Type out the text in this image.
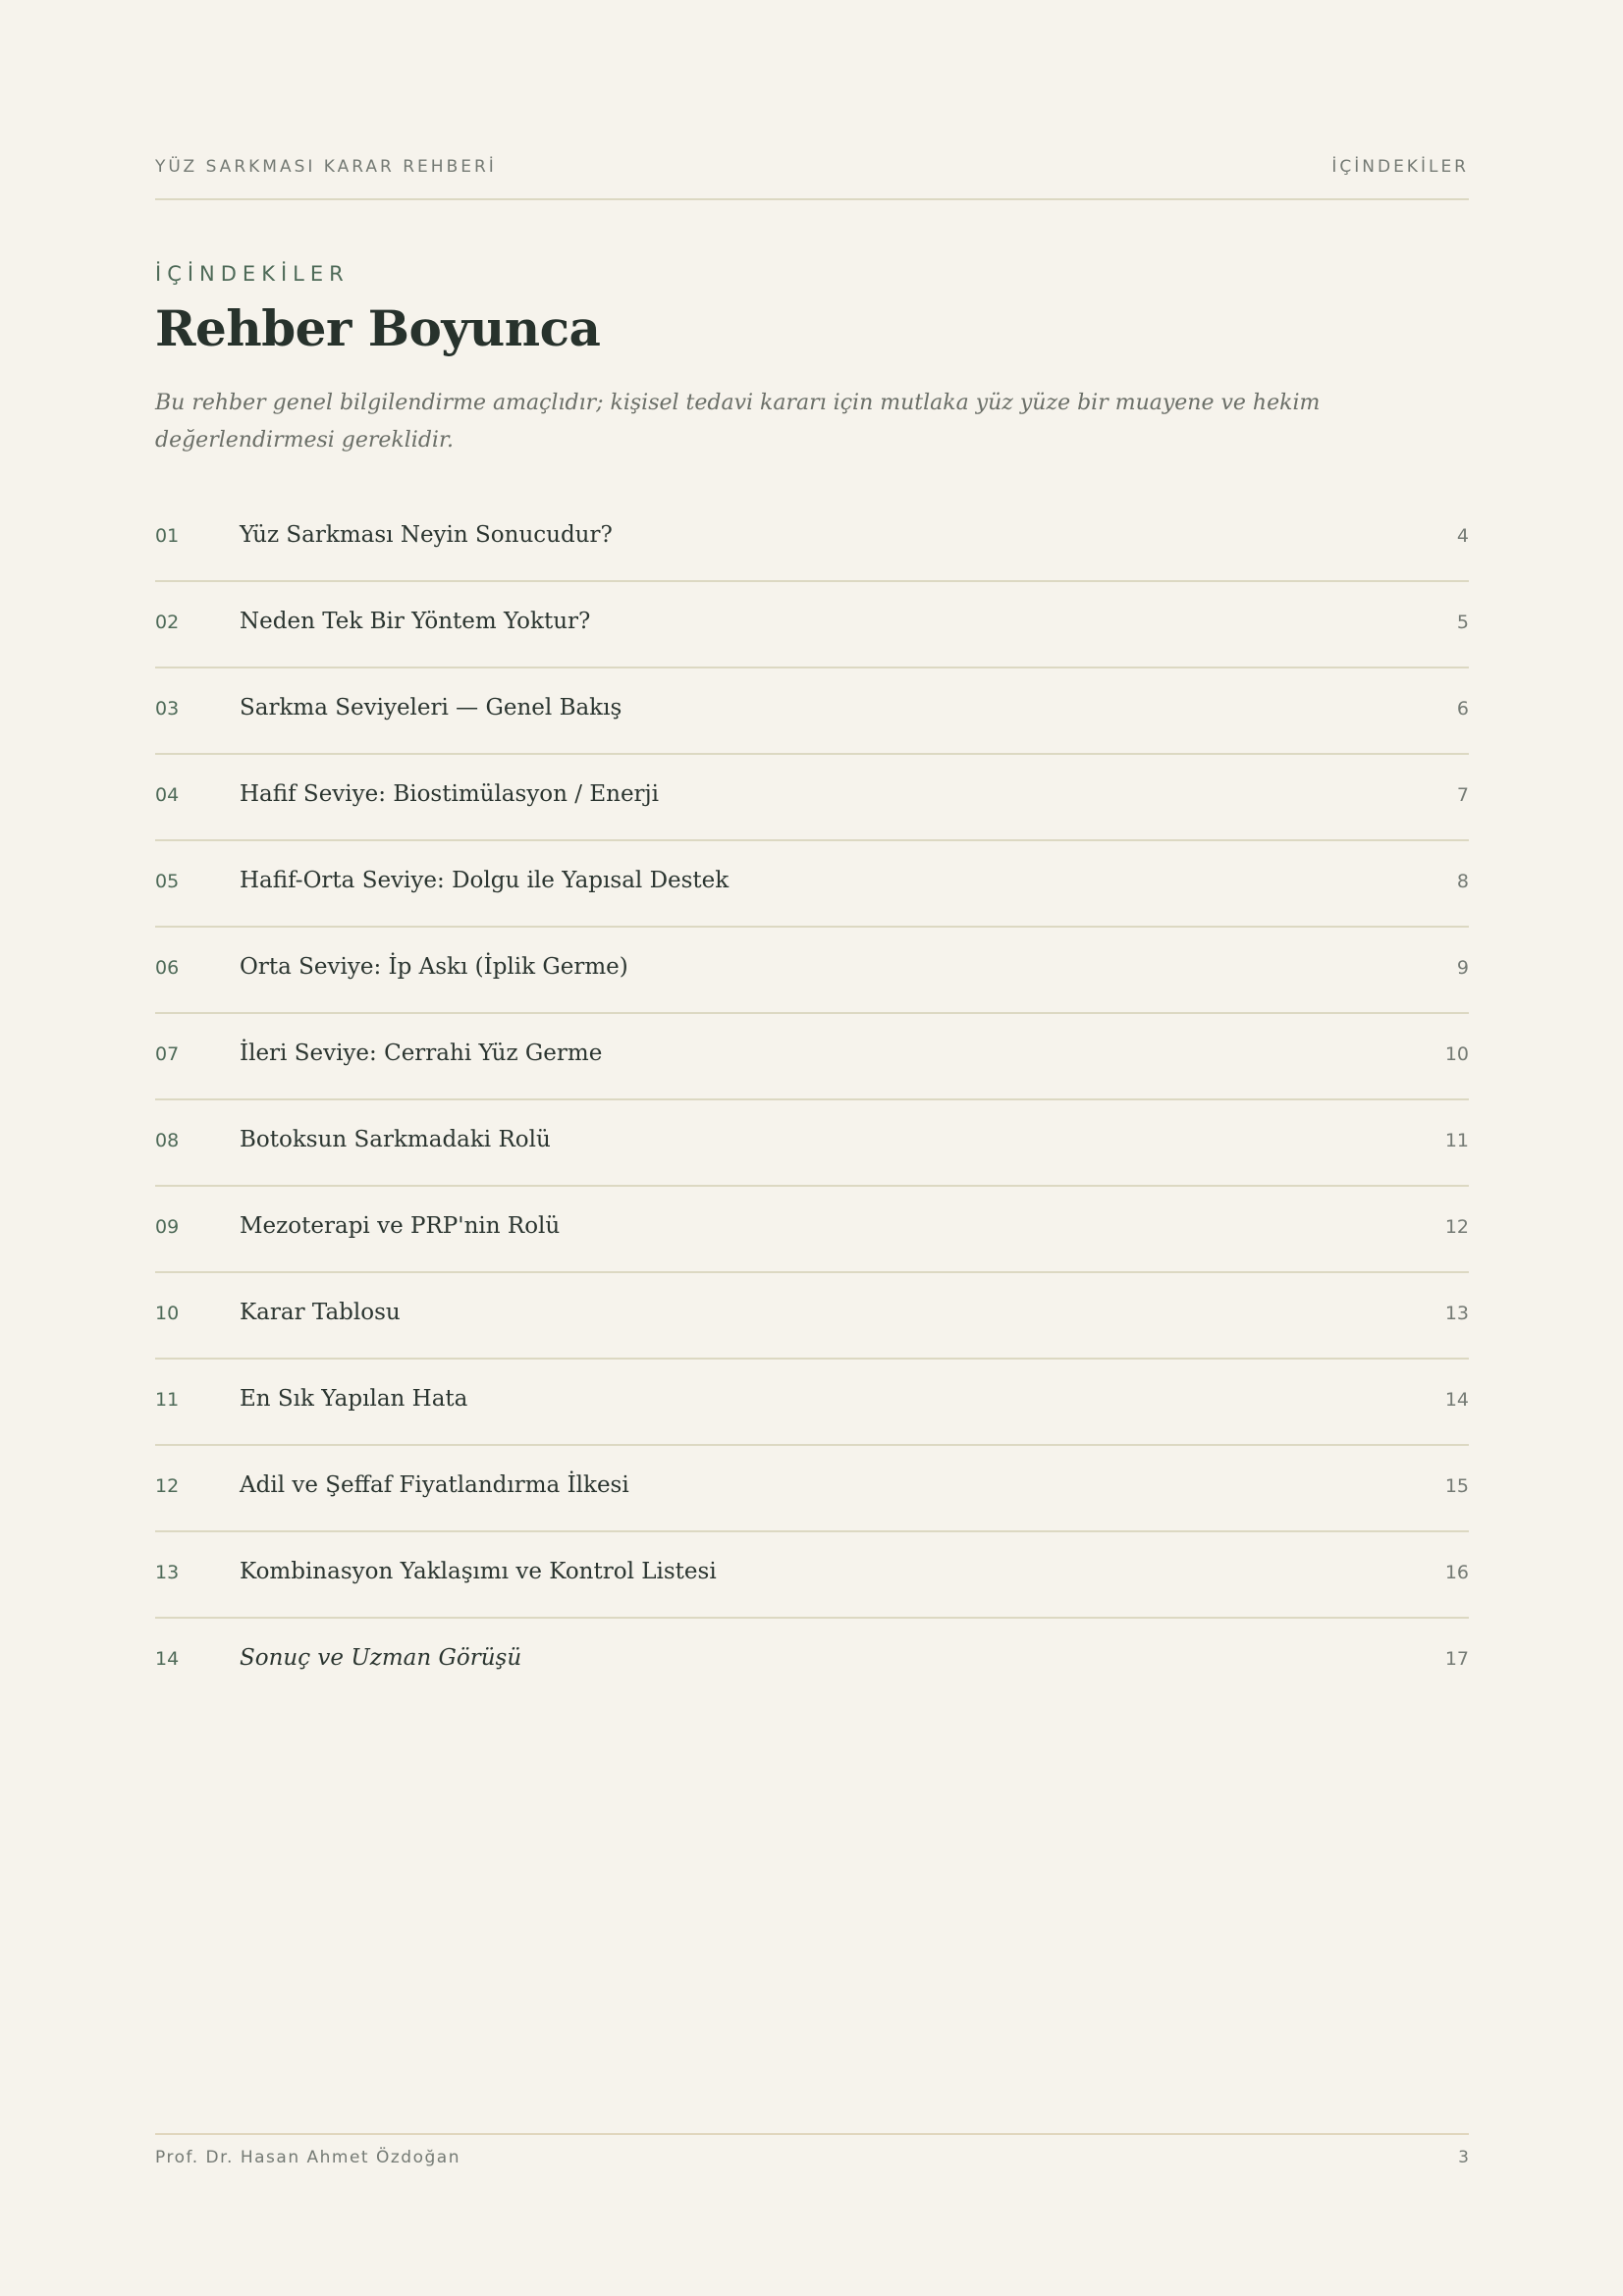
YÜZ SARKMASI KARAR REHBERİ	İÇİNDEKİLER
İÇİNDEKİLER
Rehber Boyunca

Bu rehber genel bilgilendirme amaçlıdır; kişisel tedavi kararı için mutlaka yüz yüze bir muayene ve hekim değerlendirmesi gereklidir.

01	Yüz Sarkması Neyin Sonucudur?	4
02	Neden Tek Bir Yöntem Yoktur?	5
03	Sarkma Seviyeleri — Genel Bakış	6
04	Hafif Seviye: Biostimülasyon / Enerji	7
05	Hafif-Orta Seviye: Dolgu ile Yapısal Destek	8
06	Orta Seviye: İp Askı (İplik Germe)	9
07	İleri Seviye: Cerrahi Yüz Germe	10
08	Botoksun Sarkmadaki Rolü	11
09	Mezoterapi ve PRP'nin Rolü	12
10	Karar Tablosu	13
11	En Sık Yapılan Hata	14
12	Adil ve Şeffaf Fiyatlandırma İlkesi	15
13	Kombinasyon Yaklaşımı ve Kontrol Listesi	16
14	Sonuç ve Uzman Görüşü	17
Prof. Dr. Hasan Ahmet Özdoğan	3
